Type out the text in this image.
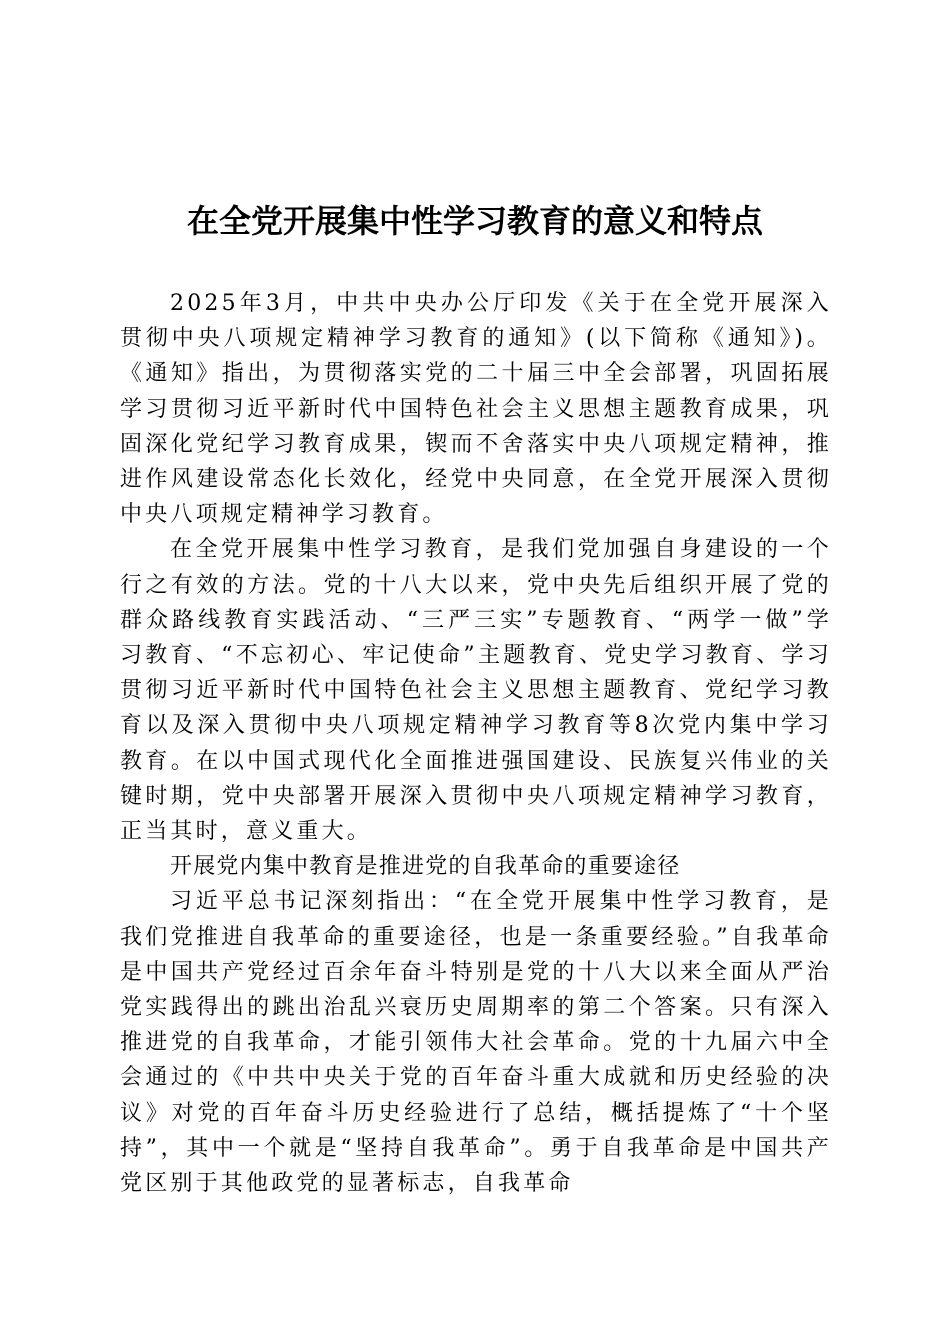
在全党开展集中性学习教育的意义和特点

2025年3月，中共中央办公厅印发《关于在全党开展深入贯彻中央八项规定精神学习教育的通知》(以下简称《通知》)。《通知》指出，为贯彻落实党的二十届三中全会部署，巩固拓展学习贯彻习近平新时代中国特色社会主义思想主题教育成果，巩固深化党纪学习教育成果，锲而不舍落实中央八项规定精神，推进作风建设常态化长效化，经党中央同意，在全党开展深入贯彻中央八项规定精神学习教育。

在全党开展集中性学习教育，是我们党加强自身建设的一个行之有效的方法。党的十八大以来，党中央先后组织开展了党的群众路线教育实践活动、“三严三实”专题教育、“两学一做”学习教育、“不忘初心、牢记使命”主题教育、党史学习教育、学习贯彻习近平新时代中国特色社会主义思想主题教育、党纪学习教育以及深入贯彻中央八项规定精神学习教育等8次党内集中学习教育。在以中国式现代化全面推进强国建设、民族复兴伟业的关键时期，党中央部署开展深入贯彻中央八项规定精神学习教育，正当其时，意义重大。

开展党内集中教育是推进党的自我革命的重要途径

习近平总书记深刻指出：“在全党开展集中性学习教育，是我们党推进自我革命的重要途径，也是一条重要经验。”自我革命是中国共产党经过百余年奋斗特别是党的十八大以来全面从严治党实践得出的跳出治乱兴衰历史周期率的第二个答案。只有深入推进党的自我革命，才能引领伟大社会革命。党的十九届六中全会通过的《中共中央关于党的百年奋斗重大成就和历史经验的决议》对党的百年奋斗历史经验进行了总结，概括提炼了“十个坚持”，其中一个就是“坚持自我革命”。勇于自我革命是中国共产党区别于其他政党的显著标志，自我革命
